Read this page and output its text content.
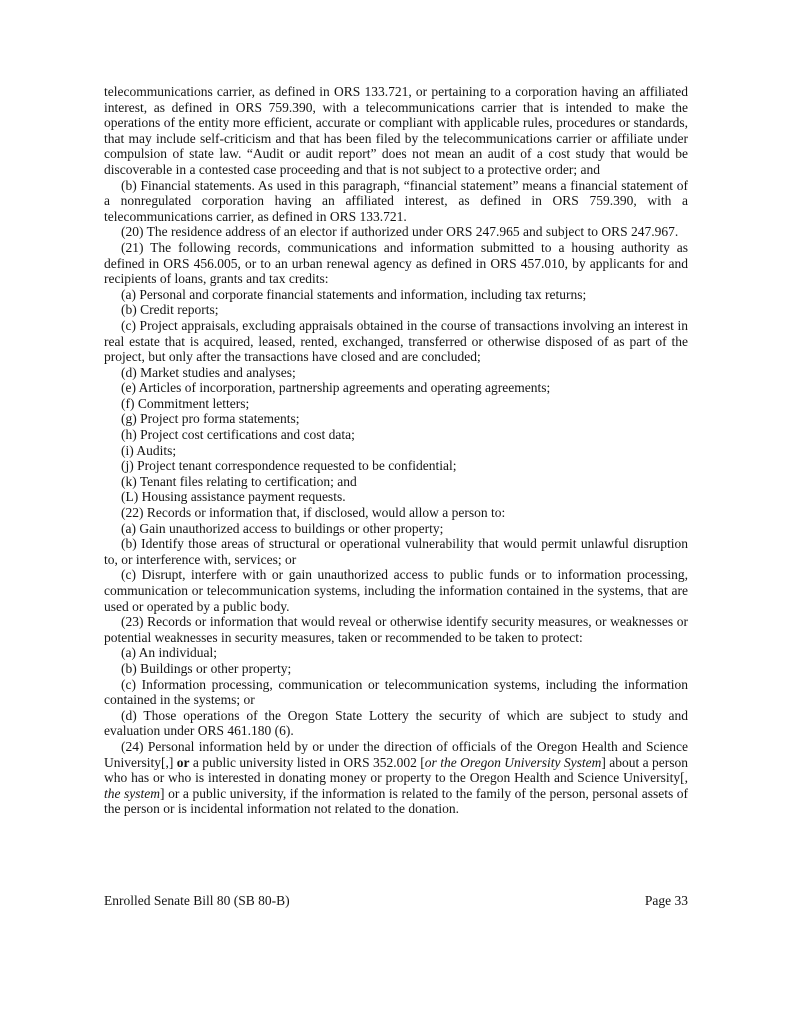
telecommunications carrier, as defined in ORS 133.721, or pertaining to a corporation having an affiliated interest, as defined in ORS 759.390, with a telecommunications carrier that is intended to make the operations of the entity more efficient, accurate or compliant with applicable rules, procedures or standards, that may include self-criticism and that has been filed by the telecommunications carrier or affiliate under compulsion of state law. “Audit or audit report” does not mean an audit of a cost study that would be discoverable in a contested case proceeding and that is not subject to a protective order; and

(b) Financial statements. As used in this paragraph, “financial statement” means a financial statement of a nonregulated corporation having an affiliated interest, as defined in ORS 759.390, with a telecommunications carrier, as defined in ORS 133.721.

(20) The residence address of an elector if authorized under ORS 247.965 and subject to ORS 247.967.

(21) The following records, communications and information submitted to a housing authority as defined in ORS 456.005, or to an urban renewal agency as defined in ORS 457.010, by applicants for and recipients of loans, grants and tax credits:

(a) Personal and corporate financial statements and information, including tax returns;

(b) Credit reports;

(c) Project appraisals, excluding appraisals obtained in the course of transactions involving an interest in real estate that is acquired, leased, rented, exchanged, transferred or otherwise disposed of as part of the project, but only after the transactions have closed and are concluded;

(d) Market studies and analyses;

(e) Articles of incorporation, partnership agreements and operating agreements;

(f) Commitment letters;

(g) Project pro forma statements;

(h) Project cost certifications and cost data;

(i) Audits;

(j) Project tenant correspondence requested to be confidential;

(k) Tenant files relating to certification; and

(L) Housing assistance payment requests.

(22) Records or information that, if disclosed, would allow a person to:

(a) Gain unauthorized access to buildings or other property;

(b) Identify those areas of structural or operational vulnerability that would permit unlawful disruption to, or interference with, services; or

(c) Disrupt, interfere with or gain unauthorized access to public funds or to information processing, communication or telecommunication systems, including the information contained in the systems, that are used or operated by a public body.

(23) Records or information that would reveal or otherwise identify security measures, or weaknesses or potential weaknesses in security measures, taken or recommended to be taken to protect:

(a) An individual;

(b) Buildings or other property;

(c) Information processing, communication or telecommunication systems, including the information contained in the systems; or

(d) Those operations of the Oregon State Lottery the security of which are subject to study and evaluation under ORS 461.180 (6).

(24) Personal information held by or under the direction of officials of the Oregon Health and Science University[,] or a public university listed in ORS 352.002 [or the Oregon University System] about a person who has or who is interested in donating money or property to the Oregon Health and Science University[, the system] or a public university, if the information is related to the family of the person, personal assets of the person or is incidental information not related to the donation.

Enrolled Senate Bill 80 (SB 80-B)	Page 33
